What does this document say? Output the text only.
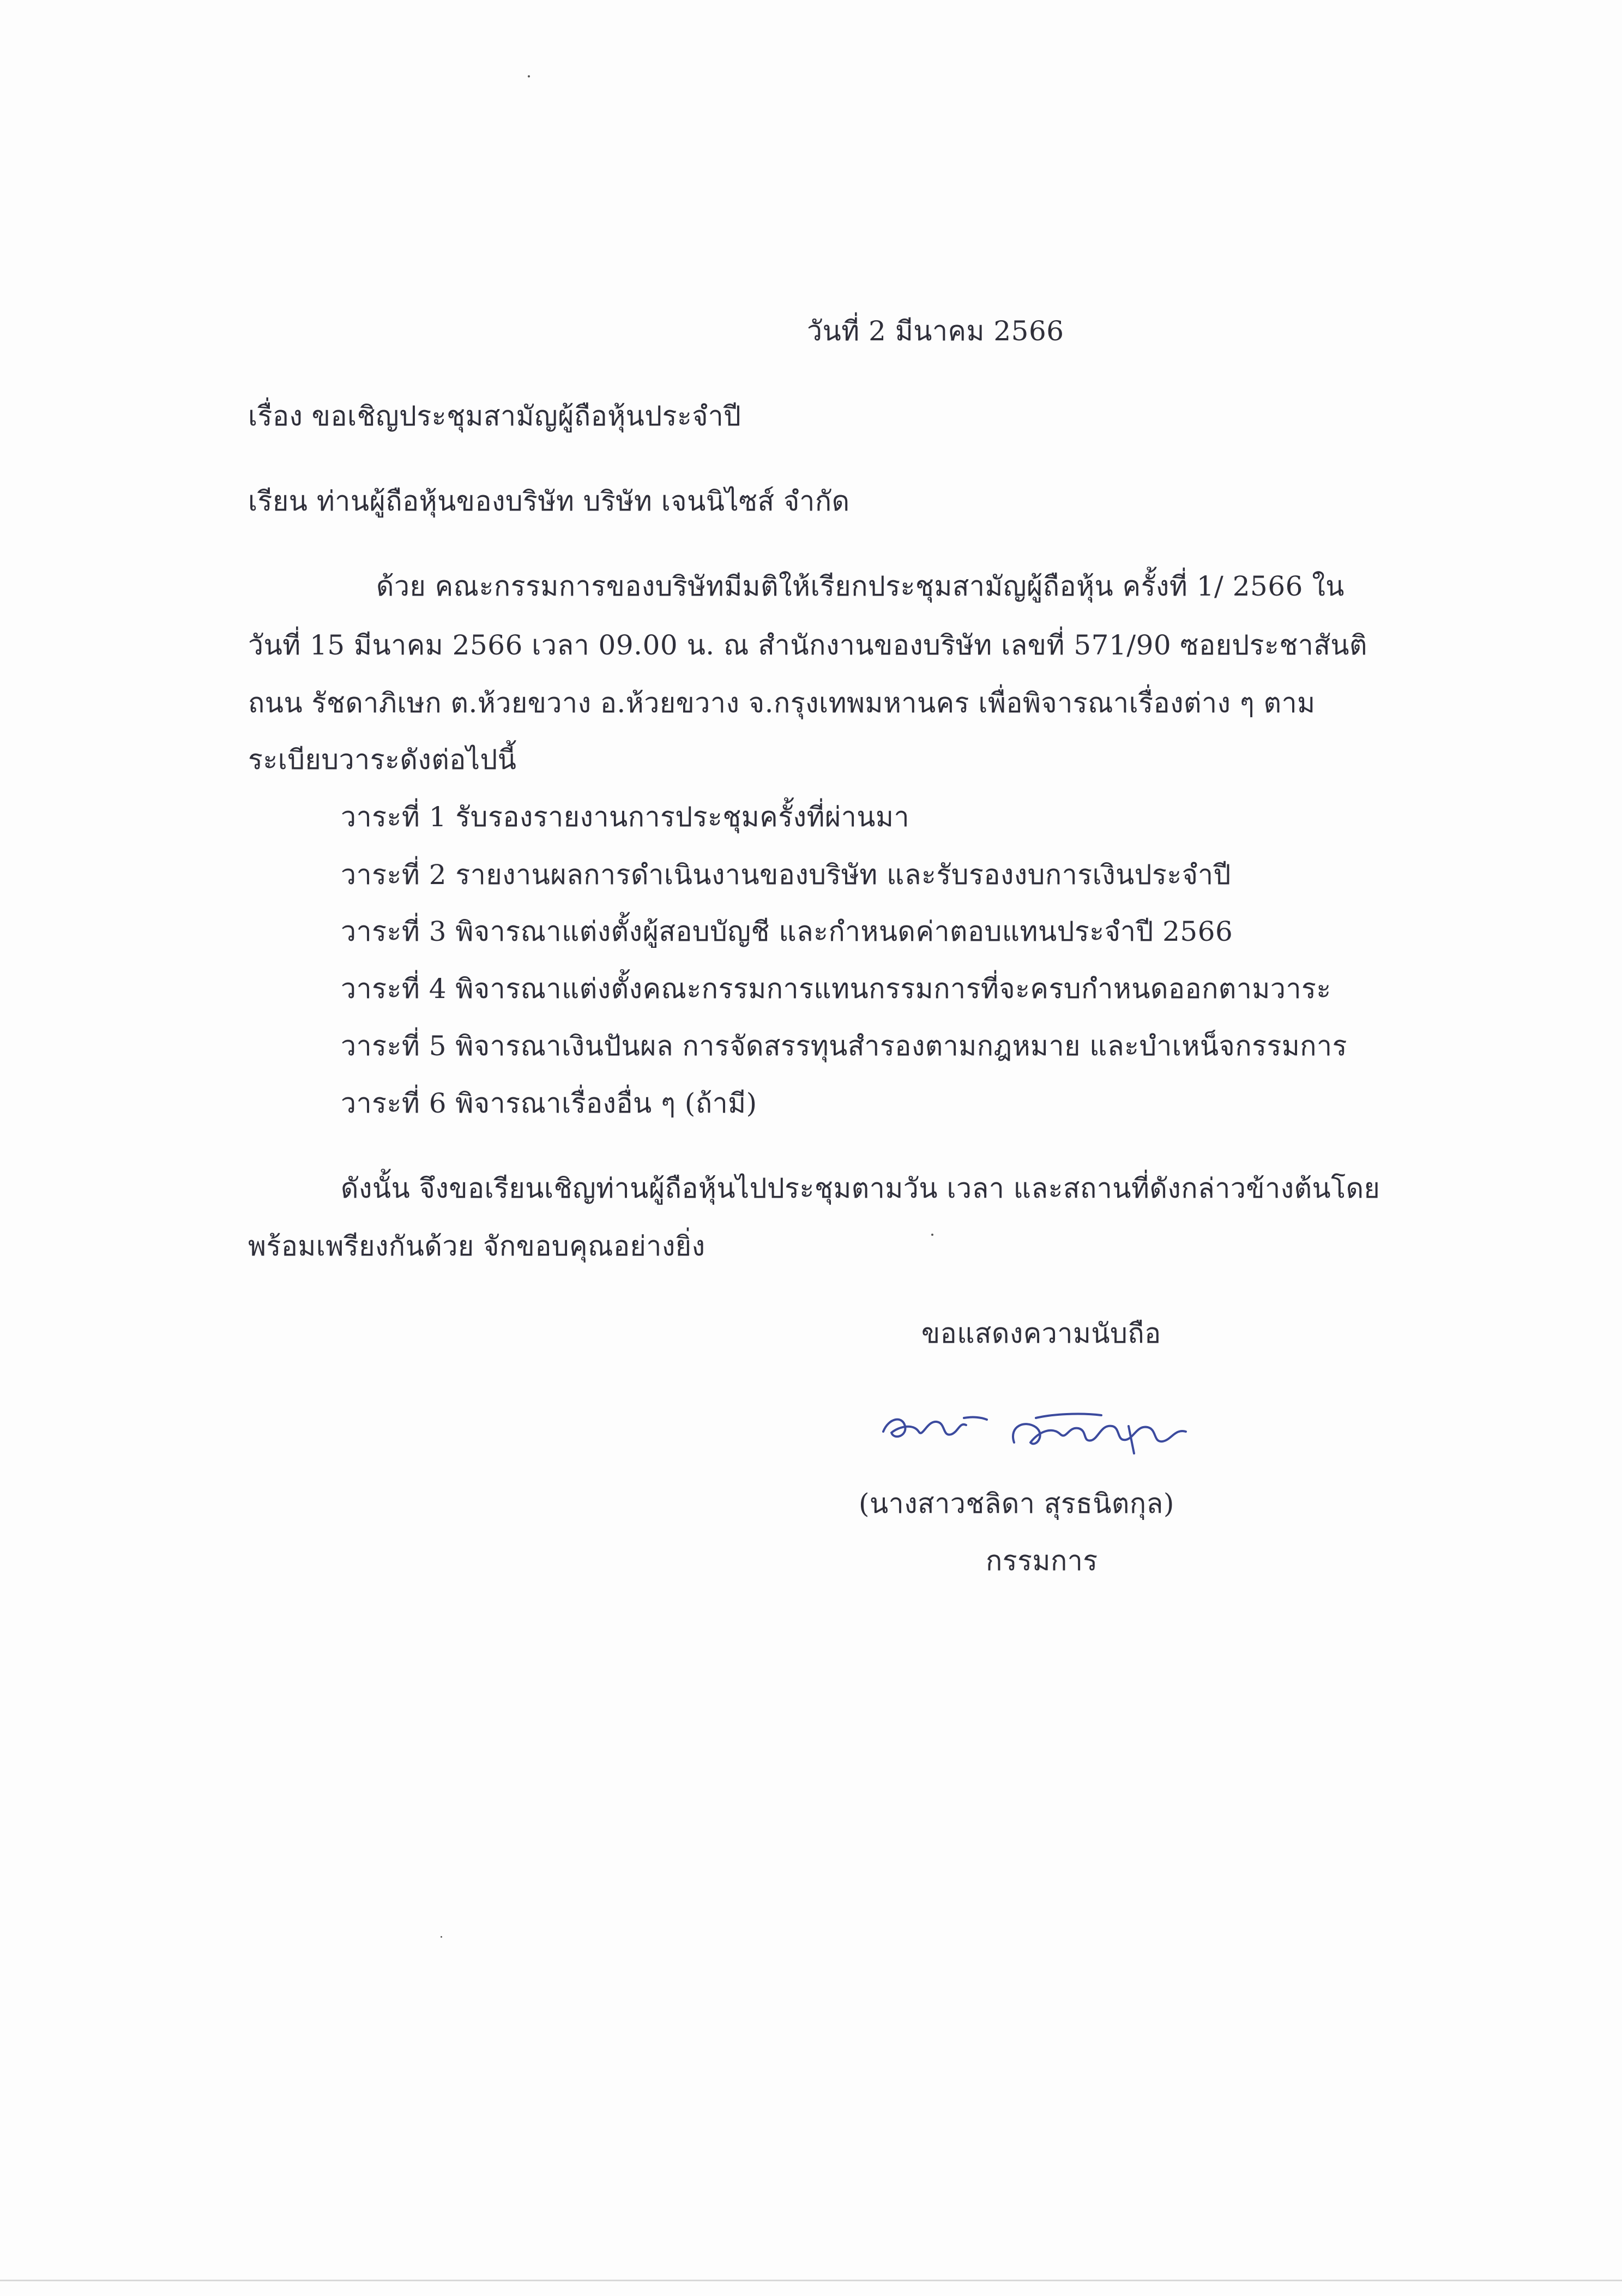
วันที่ 2 มีนาคม 2566
เรื่อง ขอเชิญประชุมสามัญผู้ถือหุ้นประจำปี
เรียน ท่านผู้ถือหุ้นของบริษัท บริษัท เจนนิไซส์ จำกัด
ด้วย คณะกรรมการของบริษัทมีมติให้เรียกประชุมสามัญผู้ถือหุ้น ครั้งที่ 1/ 2566 ใน
วันที่ 15 มีนาคม 2566 เวลา 09.00 น. ณ สำนักงานของบริษัท เลขที่ 571/90 ซอยประชาสันติ
ถนน รัชดาภิเษก ต.ห้วยขวาง อ.ห้วยขวาง จ.กรุงเทพมหานคร เพื่อพิจารณาเรื่องต่าง ๆ ตาม
ระเบียบวาระดังต่อไปนี้
วาระที่ 1 รับรองรายงานการประชุมครั้งที่ผ่านมา
วาระที่ 2 รายงานผลการดำเนินงานของบริษัท และรับรองงบการเงินประจำปี
วาระที่ 3 พิจารณาแต่งตั้งผู้สอบบัญชี และกำหนดค่าตอบแทนประจำปี 2566
วาระที่ 4 พิจารณาแต่งตั้งคณะกรรมการแทนกรรมการที่จะครบกำหนดออกตามวาระ
วาระที่ 5 พิจารณาเงินปันผล การจัดสรรทุนสำรองตามกฎหมาย และบำเหน็จกรรมการ
วาระที่ 6 พิจารณาเรื่องอื่น ๆ (ถ้ามี)
ดังนั้น จึงขอเรียนเชิญท่านผู้ถือหุ้นไปประชุมตามวัน เวลา และสถานที่ดังกล่าวข้างต้นโดย
พร้อมเพรียงกันด้วย จักขอบคุณอย่างยิ่ง
ขอแสดงความนับถือ
(นางสาวชลิดา สุรธนิตกุล)
กรรมการ
